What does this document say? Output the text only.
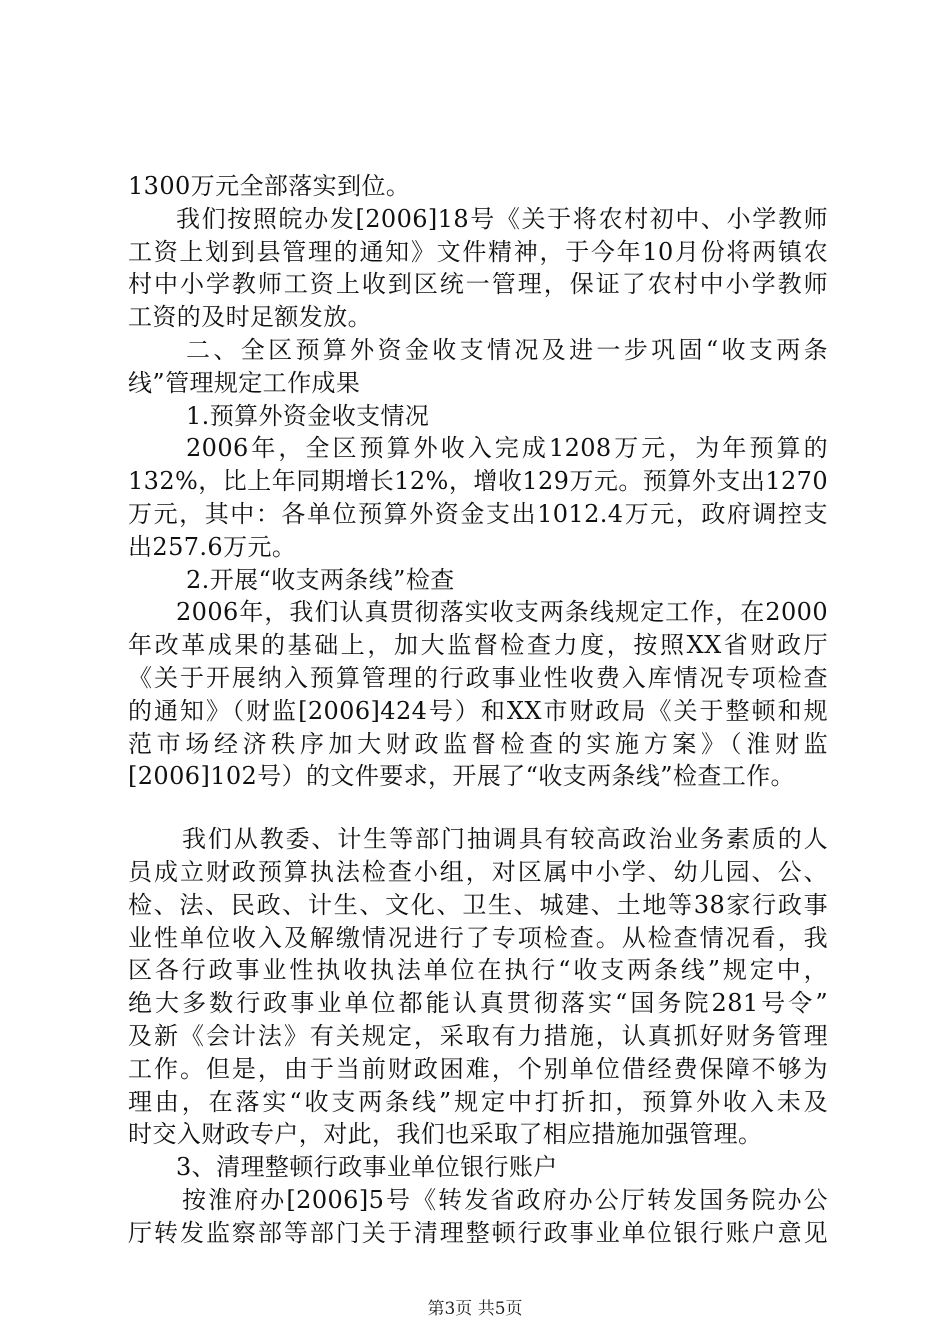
1300万元全部落实到位。
我们按照皖办发[2006]18号《关于将农村初中、小学教师
工资上划到县管理的通知》文件精神，于今年10月份将两镇农
村中小学教师工资上收到区统一管理，保证了农村中小学教师
工资的及时足额发放。
二、全区预算外资金收支情况及进一步巩固“收支两条
线”管理规定工作成果
1.预算外资金收支情况
2006年，全区预算外收入完成1208万元，为年预算的
132%，比上年同期增长12%，增收129万元。预算外支出1270
万元，其中：各单位预算外资金支出1012.4万元，政府调控支
出257.6万元。
2.开展“收支两条线”检查
2006年，我们认真贯彻落实收支两条线规定工作，在2000
年改革成果的基础上，加大监督检查力度，按照XX省财政厅
《关于开展纳入预算管理的行政事业性收费入库情况专项检查
的通知》（财监[2006]424号）和XX市财政局《关于整顿和规
范市场经济秩序加大财政监督检查的实施方案》（淮财监
[2006]102号）的文件要求，开展了“收支两条线”检查工作。
我们从教委、计生等部门抽调具有较高政治业务素质的人
员成立财政预算执法检查小组，对区属中小学、幼儿园、公、
检、法、民政、计生、文化、卫生、城建、土地等38家行政事
业性单位收入及解缴情况进行了专项检查。从检查情况看，我
区各行政事业性执收执法单位在执行“收支两条线”规定中，
绝大多数行政事业单位都能认真贯彻落实“国务院281号令”
及新《会计法》有关规定，采取有力措施，认真抓好财务管理
工作。但是，由于当前财政困难，个别单位借经费保障不够为
理由，在落实“收支两条线”规定中打折扣，预算外收入未及
时交入财政专户，对此，我们也采取了相应措施加强管理。
3、清理整顿行政事业单位银行账户
按淮府办[2006]5号《转发省政府办公厅转发国务院办公
厅转发监察部等部门关于清理整顿行政事业单位银行账户意见
第3页 共5页
